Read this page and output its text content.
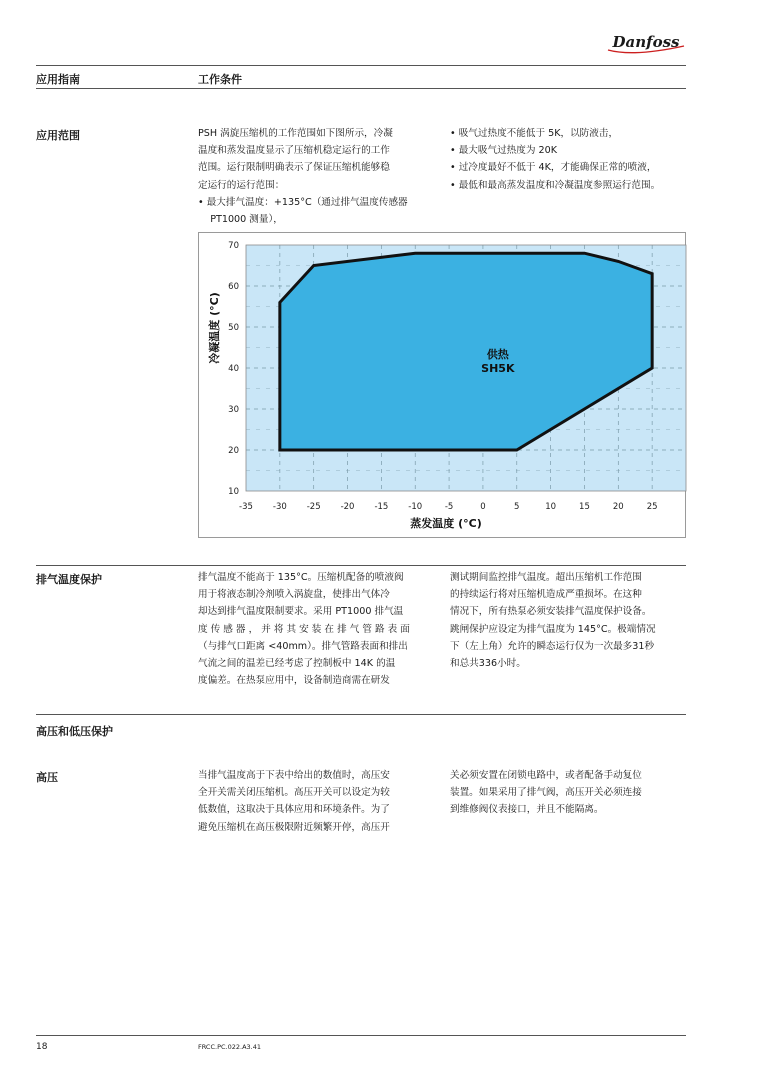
Danfoss
应用指南	工作条件
应用范围	PSH 涡旋压缩机的工作范围如下图所示，冷凝
温度和蒸发温度显示了压缩机稳定运行的工作
范围。运行限制明确表示了保证压缩机能够稳
定运行的运行范围：
• 最大排气温度：+135°C（通过排气温度传感器
PT1000 测量），
• 吸气过热度不能低于 5K，以防液击，
• 最大吸气过热度为 20K
• 过冷度最好不低于 4K，才能确保正常的喷液，
• 最低和最高蒸发温度和冷凝温度参照运行范围。
-35 -30 -25 -20 -15 -10	-5	0	5	10	15	20	25
10
20
30
40
50
60
70
供热
SH5K
蒸发温度 (°C)
冷凝温度 (°C)
排气温度保护	排气温度不能高于 135°C。压缩机配备的喷液阀
用于将液态制冷剂喷入涡旋盘，使排出气体冷
却达到排气温度限制要求。采用 PT1000 排气温
度 传 感 器 ， 并 将 其 安 装 在 排 气 管 路 表 面
（与排气口距离 <40mm）。排气管路表面和排出
气流之间的温差已经考虑了控制板中 14K 的温
度偏差。在热泵应用中，设备制造商需在研发
测试期间监控排气温度。超出压缩机工作范围
的持续运行将对压缩机造成严重损坏。在这种
情况下，所有热泵必须安装排气温度保护设备。
跳闸保护应设定为排气温度为 145°C。极端情况
下（左上角）允许的瞬态运行仅为一次最多31秒
和总共336小时。
高压和低压保护
高压	当排气温度高于下表中给出的数值时，高压安
全开关需关闭压缩机。高压开关可以设定为较
低数值，这取决于具体应用和环境条件。为了
避免压缩机在高压极限附近频繁开停，高压开
关必须安置在闭锁电路中，或者配备手动复位
装置。如果采用了排气阀，高压开关必须连接
到维修阀仪表接口，并且不能隔离。
18	FRCC.PC.022.A3.41
